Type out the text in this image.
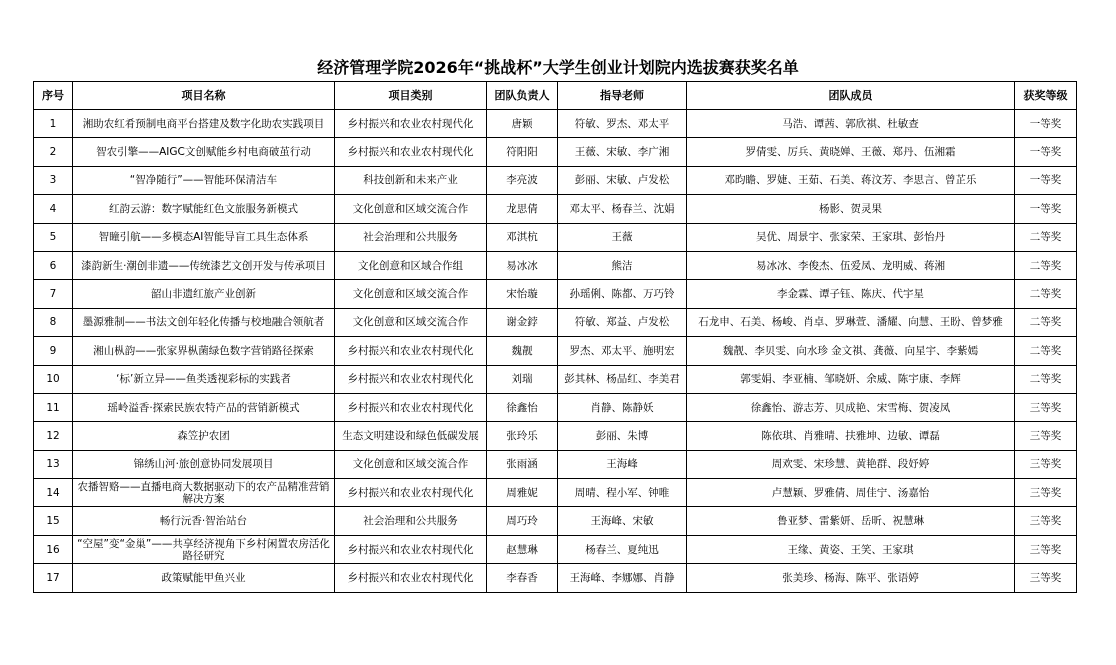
经济管理学院2026年“挑战杯”大学生创业计划院内选拔赛获奖名单
序号	项目名称	项目类别	团队负责人	指导老师	团队成员	获奖等级
1	湘助农红肴预制电商平台搭建及数字化助农实践项目	乡村振兴和农业农村现代化	唐颖	符敏、罗杰、邓太平	马浩、谭茜、郭欣祺、杜敏查	一等奖
2	智农引擎——AIGC文创赋能乡村电商破茧行动	乡村振兴和农业农村现代化	符阳阳	王薇、宋敏、李广湘	罗倩雯、厉兵、黄晓婵、王薇、郑丹、伍湘霜	一等奖
3	“智净随行”——智能环保清洁车	科技创新和未来产业	李亮波	彭丽、宋敏、卢发松	邓昀瞻、罗婕、王茹、石美、蒋汶芳、李思言、曾芷乐	一等奖
4	红韵云游：数字赋能红色文旅服务新模式	文化创意和区域交流合作	龙思倩	邓太平、杨春兰、沈娟	杨影、贺灵果	一等奖
5	智瞳引航——多模态AI智能导盲工具生态体系	社会治理和公共服务	邓淇杭	王薇	吴优、周景宇、张家荣、王家琪、彭怡丹	二等奖
6	漆韵新生·潮创非遗——传统漆艺文创开发与传承项目	文化创意和区域合作组	易冰冰	熊洁	易冰冰、李俊杰、伍爱凤、龙明威、蒋湘	二等奖
7	韶山非遗红旅产业创新	文化创意和区域交流合作	宋怡璇	孙瑶俐、陈都、万巧铃	李金霖、谭子钰、陈庆、代宇星	二等奖
8	墨源雅制——书法文创年轻化传播与校地融合领航者	文化创意和区域交流合作	谢金鋍	符敏、郑益、卢发松	石龙申、石美、杨峻、肖卓、罗琳萱、潘耀、向慧、王盼、曾梦雅	二等奖
9	湘山枞韵——张家界枞菌绿色数字营销路径探索	乡村振兴和农业农村现代化	魏靓	罗杰、邓太平、施明宏	魏靓、李贝雯、向水珍 金文祺、龚薇、向星宇、李紫嫣	二等奖
10	‘标’新立异——鱼类透视彩标的实践者	乡村振兴和农业农村现代化	刘瑞	彭其林、杨品红、李美君	郭雯娟、李亚楠、邹晓妍、余威、陈宇康、李辉	二等奖
11	瑶岭溢香·探索民族农特产品的营销新模式	乡村振兴和农业农村现代化	徐鑫怡	肖静、陈静妖	徐鑫怡、游志芳、贝成艳、宋雪梅、贺凌凤	三等奖
12	森笠护农团	生态文明建设和绿色低碳发展	张玲乐	彭丽、朱博	陈依琪、肖雅晴、扶雅坤、边敏、谭磊	三等奖
13	锦绣山河·旅创意协同发展项目	文化创意和区域交流合作	张雨涵	王海峰	周欢雯、宋珍慧、黄艳群、段妤婷	三等奖
14	农播智赂——直播电商大数据驱动下的农产品精准营销解决方案	乡村振兴和农业农村现代化	周雅妮	周晴、程小军、钟唯	卢慧颖、罗雅倩、周佳宁、汤嘉怡	三等奖
15	畅行沅香·智治站台	社会治理和公共服务	周巧玲	王海峰、宋敏	鲁亚梦、雷紫妍、岳昕、祝慧琳	三等奖
16	“空屋”变“金巢”——共享经济视角下乡村闲置农房活化路径研究	乡村振兴和农业农村现代化	赵慧琳	杨春兰、夏纯迅	王缘、黄姿、王笑、王家琪	三等奖
17	政策赋能甲鱼兴业	乡村振兴和农业农村现代化	李春香	王海峰、李娜娜、肖静	张美珍、杨海、陈平、张语婷	三等奖
